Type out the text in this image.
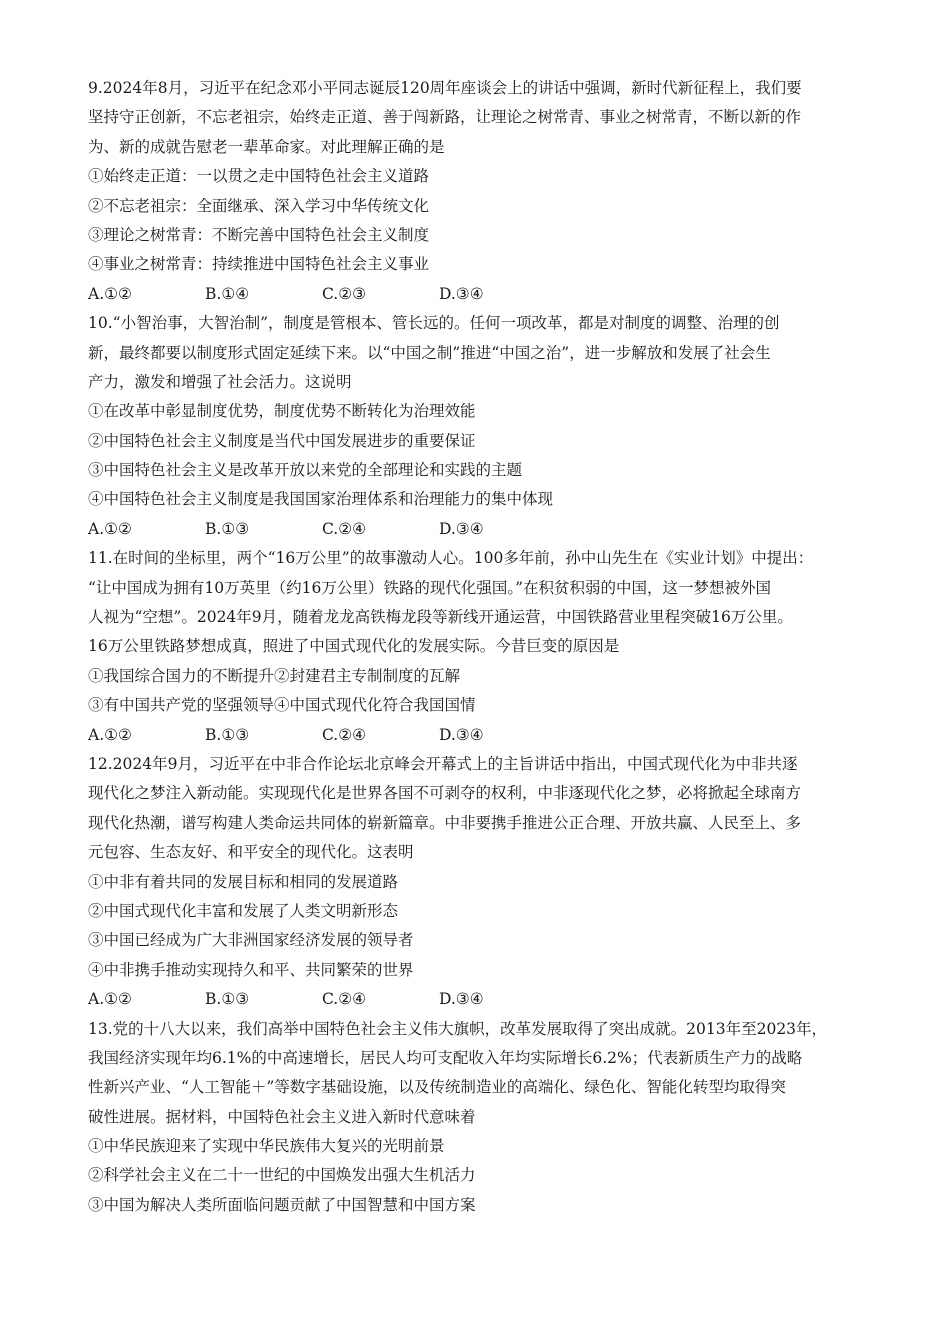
9.2024年8月，习近平在纪念邓小平同志诞辰120周年座谈会上的讲话中强调，新时代新征程上，我们要
坚持守正创新，不忘老祖宗，始终走正道、善于闯新路，让理论之树常青、事业之树常青，不断以新的作
为、新的成就告慰老一辈革命家。对此理解正确的是
①始终走正道：一以贯之走中国特色社会主义道路
②不忘老祖宗：全面继承、深入学习中华传统文化
③理论之树常青：不断完善中国特色社会主义制度
④事业之树常青：持续推进中国特色社会主义事业
A.①②	B.①④	C.②③	D.③④
10.“小智治事，大智治制”，制度是管根本、管长远的。任何一项改革，都是对制度的调整、治理的创
新，最终都要以制度形式固定延续下来。以“中国之制”推进“中国之治”，进一步解放和发展了社会生
产力，激发和增强了社会活力。这说明
①在改革中彰显制度优势，制度优势不断转化为治理效能
②中国特色社会主义制度是当代中国发展进步的重要保证
③中国特色社会主义是改革开放以来党的全部理论和实践的主题
④中国特色社会主义制度是我国国家治理体系和治理能力的集中体现
A.①②	B.①③	C.②④	D.③④
11.在时间的坐标里，两个“16万公里”的故事激动人心。100多年前，孙中山先生在《实业计划》中提出：
“让中国成为拥有10万英里（约16万公里）铁路的现代化强国。”在积贫积弱的中国，这一梦想被外国
人视为“空想”。2024年9月，随着龙龙高铁梅龙段等新线开通运营，中国铁路营业里程突破16万公里。
16万公里铁路梦想成真，照进了中国式现代化的发展实际。今昔巨变的原因是
①我国综合国力的不断提升②封建君主专制制度的瓦解
③有中国共产党的坚强领导④中国式现代化符合我国国情
A.①②	B.①③	C.②④	D.③④
12.2024年9月，习近平在中非合作论坛北京峰会开幕式上的主旨讲话中指出，中国式现代化为中非共逐
现代化之梦注入新动能。实现现代化是世界各国不可剥夺的权利，中非逐现代化之梦，必将掀起全球南方
现代化热潮，谱写构建人类命运共同体的崭新篇章。中非要携手推进公正合理、开放共赢、人民至上、多
元包容、生态友好、和平安全的现代化。这表明
①中非有着共同的发展目标和相同的发展道路
②中国式现代化丰富和发展了人类文明新形态
③中国已经成为广大非洲国家经济发展的领导者
④中非携手推动实现持久和平、共同繁荣的世界
A.①②	B.①③	C.②④	D.③④
13.党的十八大以来，我们高举中国特色社会主义伟大旗帜，改革发展取得了突出成就。2013年至2023年，
我国经济实现年均6.1%的中高速增长，居民人均可支配收入年均实际增长6.2%；代表新质生产力的战略
性新兴产业、“人工智能＋”等数字基础设施，以及传统制造业的高端化、绿色化、智能化转型均取得突
破性进展。据材料，中国特色社会主义进入新时代意味着
①中华民族迎来了实现中华民族伟大复兴的光明前景
②科学社会主义在二十一世纪的中国焕发出强大生机活力
③中国为解决人类所面临问题贡献了中国智慧和中国方案
